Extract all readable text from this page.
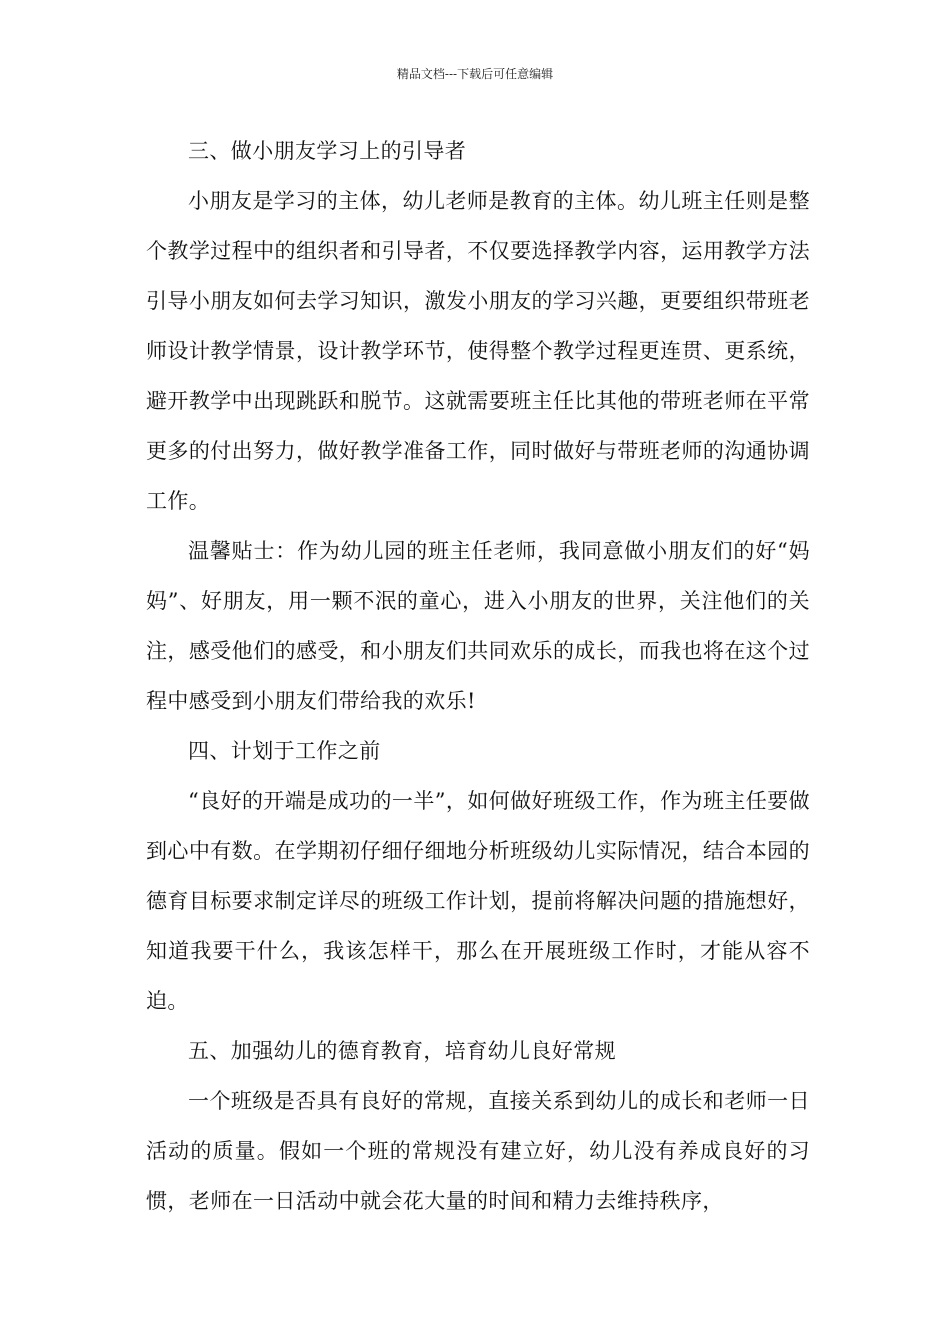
精品文档---下载后可任意编辑

三、做小朋友学习上的引导者

小朋友是学习的主体，幼儿老师是教育的主体。幼儿班主任则是整个教学过程中的组织者和引导者，不仅要选择教学内容，运用教学方法引导小朋友如何去学习知识，激发小朋友的学习兴趣，更要组织带班老师设计教学情景，设计教学环节，使得整个教学过程更连贯、更系统，避开教学中出现跳跃和脱节。这就需要班主任比其他的带班老师在平常更多的付出努力，做好教学准备工作，同时做好与带班老师的沟通协调工作。

温馨贴士：作为幼儿园的班主任老师，我同意做小朋友们的好“妈妈”、好朋友，用一颗不泯的童心，进入小朋友的世界，关注他们的关注，感受他们的感受，和小朋友们共同欢乐的成长，而我也将在这个过程中感受到小朋友们带给我的欢乐!

四、计划于工作之前

“良好的开端是成功的一半”，如何做好班级工作，作为班主任要做到心中有数。在学期初仔细仔细地分析班级幼儿实际情况，结合本园的德育目标要求制定详尽的班级工作计划，提前将解决问题的措施想好，知道我要干什么，我该怎样干，那么在开展班级工作时，才能从容不迫。

五、加强幼儿的德育教育，培育幼儿良好常规

一个班级是否具有良好的常规，直接关系到幼儿的成长和老师一日活动的质量。假如一个班的常规没有建立好，幼儿没有养成良好的习惯，老师在一日活动中就会花大量的时间和精力去维持秩序，
